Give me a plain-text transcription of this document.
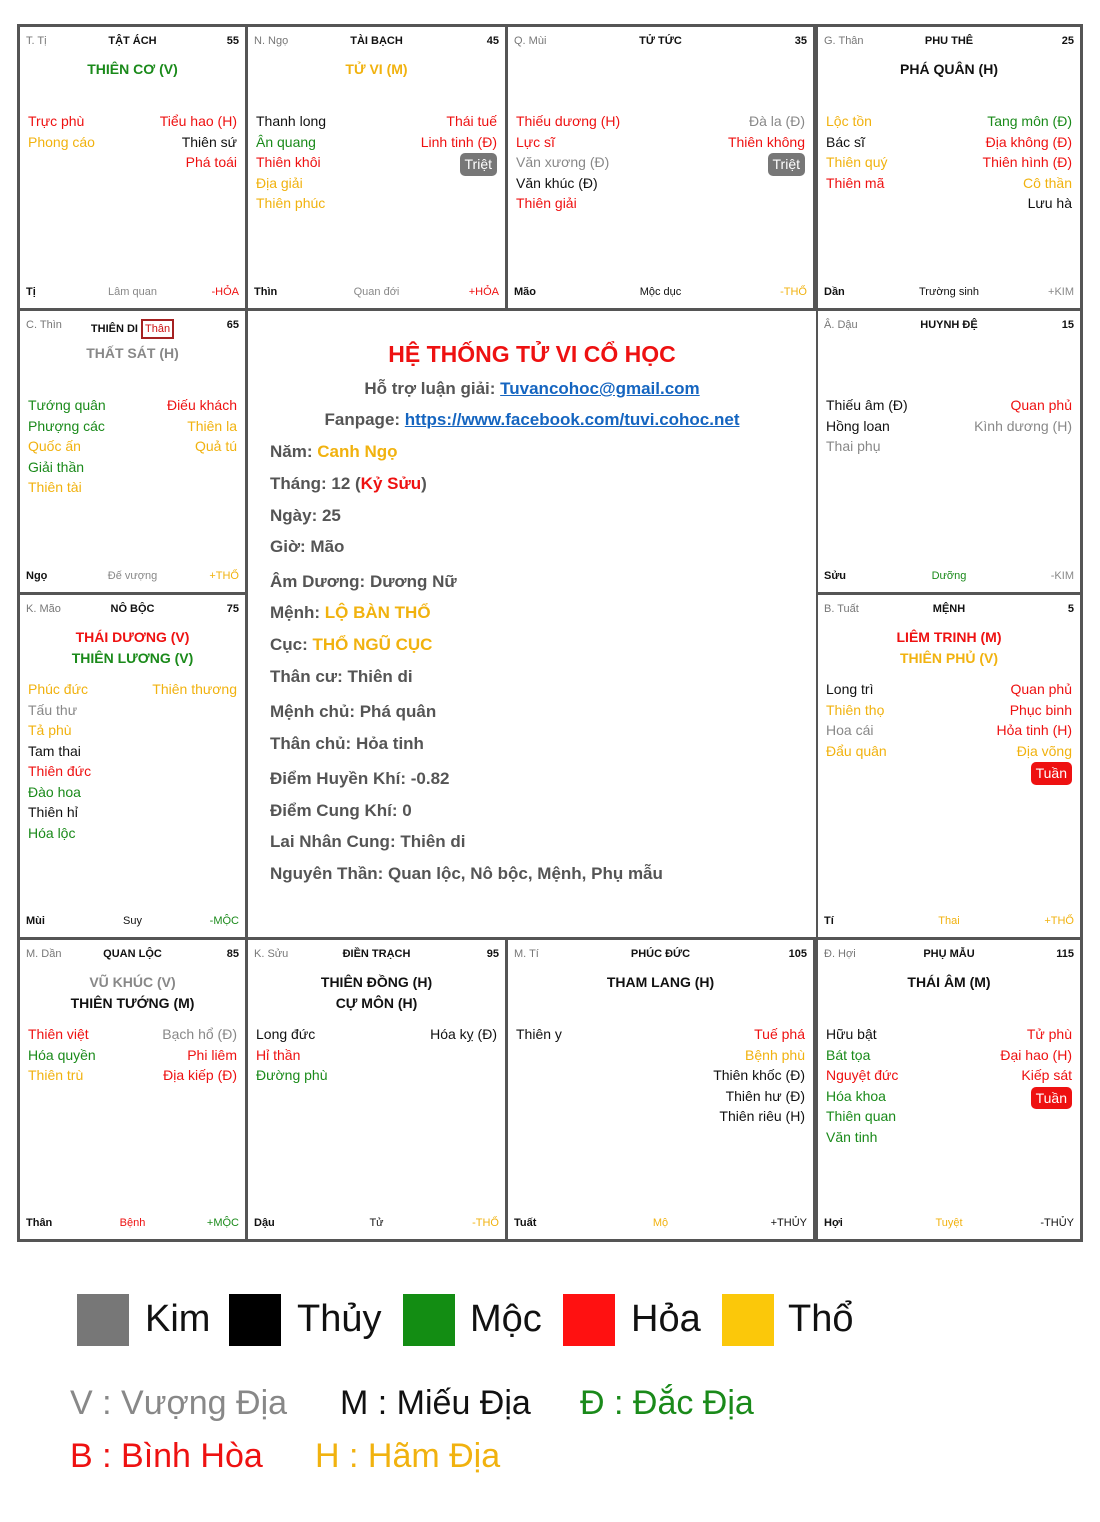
TẬT ÁCH
T. Tị	55
THIÊN CƠ (V)
Trực phù
Phong cáo
Tiểu hao (H)
Thiên sứ
Phá toái
Lâm quan
Tị	-HỎA
TÀI BẠCH
N. Ngọ	45
TỬ VI (M)
Thanh long
Ân quang
Thiên khôi
Địa giải
Thiên phúc
Thái tuế
Linh tinh (Đ)
Triệt
Quan đới
Thìn	+HỎA
TỬ TỨC
Q. Mùi	35
Thiếu dương (H)
Lực sĩ
Văn xương (Đ)
Văn khúc (Đ)
Thiên giải
Đà la (Đ)
Thiên không
Triệt
Mộc dục
Mão	-THỔ
PHU THÊ
G. Thân	25
PHÁ QUÂN (H)
Lộc tồn
Bác sĩ
Thiên quý
Thiên mã
Tang môn (Đ)
Địa không (Đ)
Thiên hình (Đ)
Cô thần
Lưu hà
Trường sinh
Dần	+KIM
THIÊN DI Thân
C. Thìn	65
THẤT SÁT (H)
Tướng quân
Phượng các
Quốc ấn
Giải thần
Thiên tài
Điếu khách
Thiên la
Quả tú
Đế vượng
Ngọ	+THỔ
HUYNH ĐỆ
Â. Dậu	15
Thiếu âm (Đ)
Hồng loan
Thai phụ
Quan phủ
Kình dương (H)
Dưỡng
Sửu	-KIM
NÔ BỘC
K. Mão	75
THÁI DƯƠNG (V)
THIÊN LƯƠNG (V)
Phúc đức
Tấu thư
Tả phù
Tam thai
Thiên đức
Đào hoa
Thiên hỉ
Hóa lộc
Thiên thương
Suy
Mùi	-MỘC
MỆNH
B. Tuất	5
LIÊM TRINH (M)
THIÊN PHỦ (V)
Long trì
Thiên thọ
Hoa cái
Đẩu quân
Quan phủ
Phục binh
Hỏa tinh (H)
Địa võng
Tuần
Thai
Tí	+THỔ
QUAN LỘC
M. Dần	85
VŨ KHÚC (V)
THIÊN TƯỚNG (M)
Thiên việt
Hóa quyền
Thiên trù
Bạch hổ (Đ)
Phi liêm
Địa kiếp (Đ)
Bệnh
Thân	+MỘC
ĐIỀN TRẠCH
K. Sửu	95
THIÊN ĐỒNG (H)
CỰ MÔN (H)
Long đức
Hỉ thần
Đường phù
Hóa kỵ (Đ)
Tử
Dậu	-THỔ
PHÚC ĐỨC
M. Tí	105
THAM LANG (H)
Thiên y	Tuế phá
Bệnh phù
Thiên khốc (Đ)
Thiên hư (Đ)
Thiên riêu (H)
Mộ
Tuất	+THỦY
PHỤ MẪU
Đ. Hợi	115
THÁI ÂM (M)
Hữu bật
Bát tọa
Nguyệt đức
Hóa khoa
Thiên quan
Văn tinh
Tử phù
Đại hao (H)
Kiếp sát
Tuần
Tuyệt
Hợi	-THỦY
HỆ THỐNG TỬ VI CỔ HỌC
Hỗ trợ luận giải: Tuvancohoc@gmail.com
Fanpage: https://www.facebook.com/tuvi.cohoc.net
Năm: Canh Ngọ
Tháng: 12 (Kỷ Sửu)
Ngày: 25
Giờ: Mão
Âm Dương: Dương Nữ
Mệnh: LỘ BÀN THỔ
Cục: THỔ NGŨ CỤC
Thân cư: Thiên di
Mệnh chủ: Phá quân
Thân chủ: Hỏa tinh
Điểm Huyền Khí: -0.82
Điểm Cung Khí: 0
Lai Nhân Cung: Thiên di
Nguyên Thần: Quan lộc, Nô bộc, Mệnh, Phụ mẫu
Kim Thủy Mộc Hỏa Thổ
V : Vượng Địa M : Miếu Địa Đ : Đắc Địa
B : Bình Hòa H : Hãm Địa
